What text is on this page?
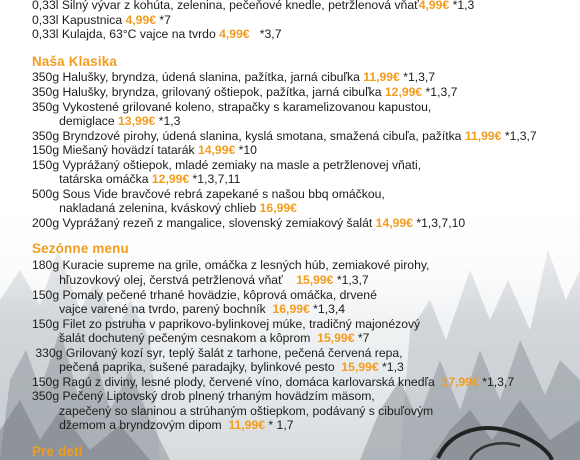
0,33l Silný vývar z kohúta, zelenina, pečeňové knedle, petržlenová vňať4,99€ *1,3
0,33l Kapustnica 4,99€ *7
0,33l Kulajda, 63°C vajce na tvrdo 4,99€   *3,7
Naša Klasika
350g Halušky, bryndza, údená slanina, pažítka, jarná cibuľka 11,99€ *1,3,7
350g Halušky, bryndza, grilovaný oštiepok, pažítka, jarná cibuľka 12,99€ *1,3,7
350g Vykostené grilované koleno, strapačky s karamelizovanou kapustou,
demiglace 13,99€ *1,3
350g Bryndzové pirohy, údená slanina, kyslá smotana, smažená cibuľa, pažítka 11,99€ *1,3,7
150g Miešaný hovädzí tatarák 14,99€ *10
150g Vyprážaný oštiepok, mladé zemiaky na masle a petržlenovej vňati,
tatárska omáčka 12,99€ *1,3,7,11
500g Sous Vide bravčové rebrá zapekané s našou bbq omáčkou,
nakladaná zelenina, kváskový chlieb 16,99€
200g Vyprážaný rezeň z mangalice, slovenský zemiakový šalát 14,99€ *1,3,7,10
Sezónne menu
180g Kuracie supreme na grile, omáčka z lesných húb, zemiakové pirohy,
hľuzovkový olej, čerstvá petržlenová vňať    15,99€ *1,3,7
150g Pomaly pečené trhané hovädzie, kôprová omáčka, drvené
vajce varené na tvrdo, parený bochník  16,99€ *1,3,4
150g Filet zo pstruha v paprikovo-bylinkovej múke, tradičný majonézový
šalát dochutený pečeným cesnakom a kôprom  15,99€ *7
330g Grilovaný kozí syr, teplý šalát z tarhone, pečená červená repa,
pečená paprika, sušené paradajky, bylinkové pesto  15,99€ *1,3
150g Ragú z diviny, lesné plody, červené víno, domáca karlovarská knedľa  17,99€ *1,3,7
350g Pečený Liptovský drob plnený trhaným hovädzím mäsom,
zapečený so slaninou a strúhaným oštiepkom, podávaný s cibuľovým
džemom a bryndzovým dipom  11,99€ * 1,7
Pre deti
